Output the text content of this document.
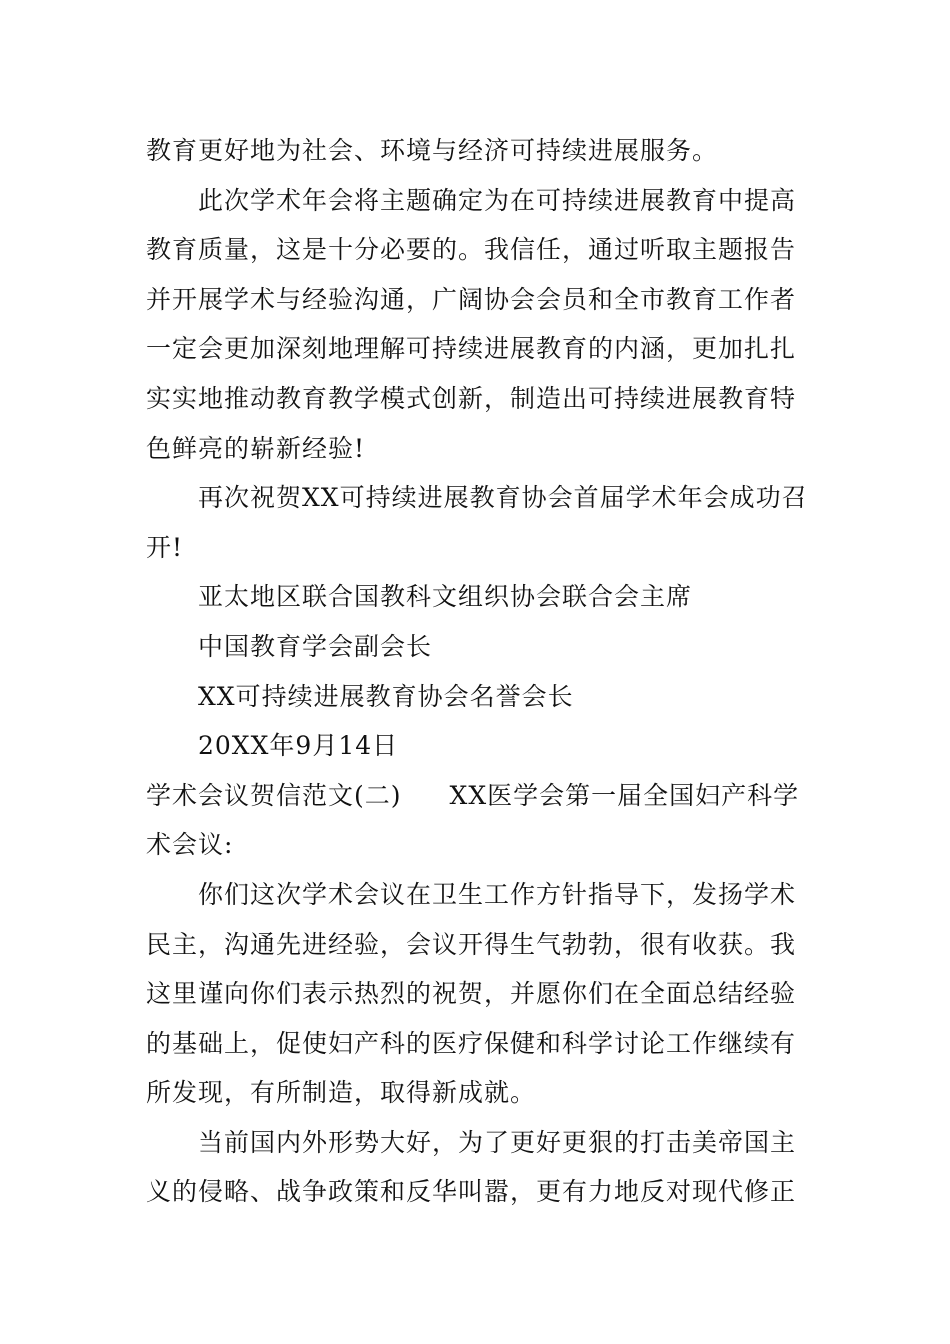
教育更好地为社会、环境与经济可持续进展服务。
此次学术年会将主题确定为在可持续进展教育中提高
教育质量，这是十分必要的。我信任，通过听取主题报告
并开展学术与经验沟通，广阔协会会员和全市教育工作者
一定会更加深刻地理解可持续进展教育的内涵，更加扎扎
实实地推动教育教学模式创新，制造出可持续进展教育特
色鲜亮的崭新经验!
再次祝贺XX可持续进展教育协会首届学术年会成功召
开!
亚太地区联合国教科文组织协会联合会主席
中国教育学会副会长
XX可持续进展教育协会名誉会长
20XX年9月14日
学术会议贺信范文(二) XX医学会第一届全国妇产科学
术会议:
你们这次学术会议在卫生工作方针指导下，发扬学术
民主，沟通先进经验，会议开得生气勃勃，很有收获。我
这里谨向你们表示热烈的祝贺，并愿你们在全面总结经验
的基础上，促使妇产科的医疗保健和科学讨论工作继续有
所发现，有所制造，取得新成就。
当前国内外形势大好，为了更好更狠的打击美帝国主
义的侵略、战争政策和反华叫嚣，更有力地反对现代修正
